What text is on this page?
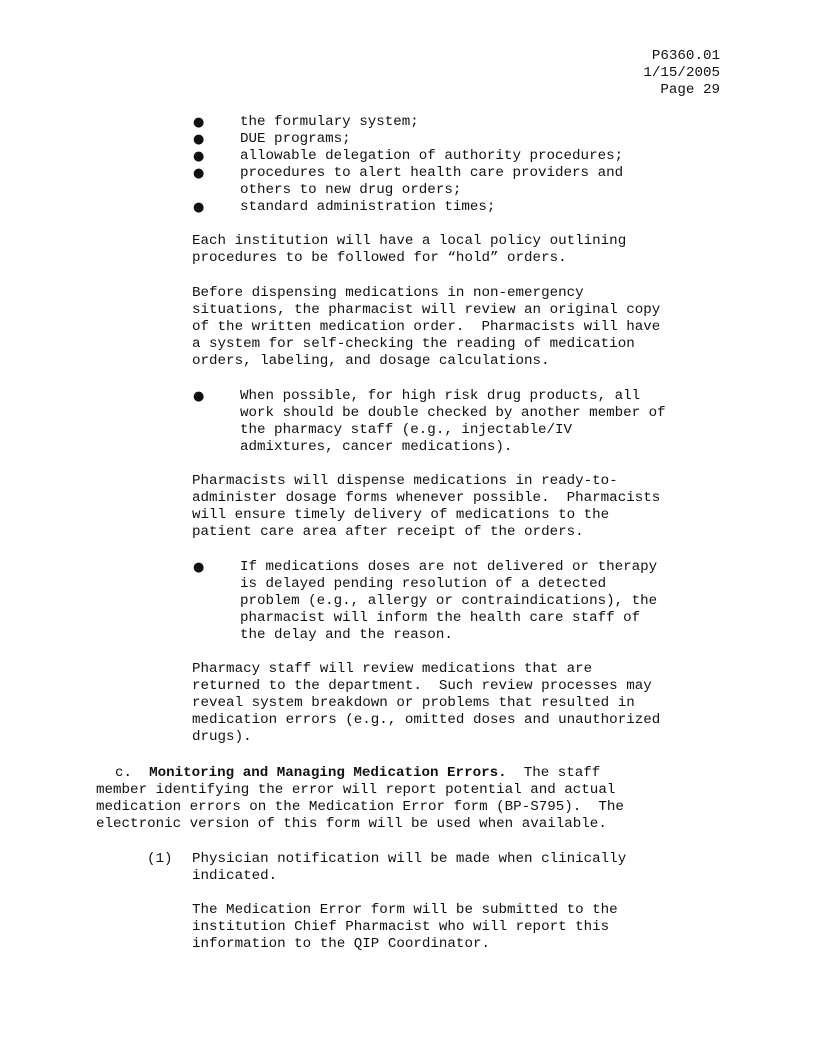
P6360.01
1/15/2005
Page 29
●	the formulary system;
●	DUE programs;
●	allowable delegation of authority procedures;
●	procedures to alert health care providers and
others to new drug orders;
●	standard administration times;
Each institution will have a local policy outlining
procedures to be followed for “hold” orders.
Before dispensing medications in non-emergency
situations, the pharmacist will review an original copy
of the written medication order.  Pharmacists will have
a system for self-checking the reading of medication
orders, labeling, and dosage calculations.
●	When possible, for high risk drug products, all
work should be double checked by another member of
the pharmacy staff (e.g., injectable/IV
admixtures, cancer medications).
Pharmacists will dispense medications in ready-to-
administer dosage forms whenever possible.  Pharmacists
will ensure timely delivery of medications to the
patient care area after receipt of the orders.
●	If medications doses are not delivered or therapy
is delayed pending resolution of a detected
problem (e.g., allergy or contraindications), the
pharmacist will inform the health care staff of
the delay and the reason.
Pharmacy staff will review medications that are
returned to the department.  Such review processes may
reveal system breakdown or problems that resulted in
medication errors (e.g., omitted doses and unauthorized
drugs).
c. Monitoring and Managing Medication Errors. The staff
member identifying the error will report potential and actual
medication errors on the Medication Error form (BP-S795).  The
electronic version of this form will be used when available.
(1) Physician notification will be made when clinically
indicated.
The Medication Error form will be submitted to the
institution Chief Pharmacist who will report this
information to the QIP Coordinator.
